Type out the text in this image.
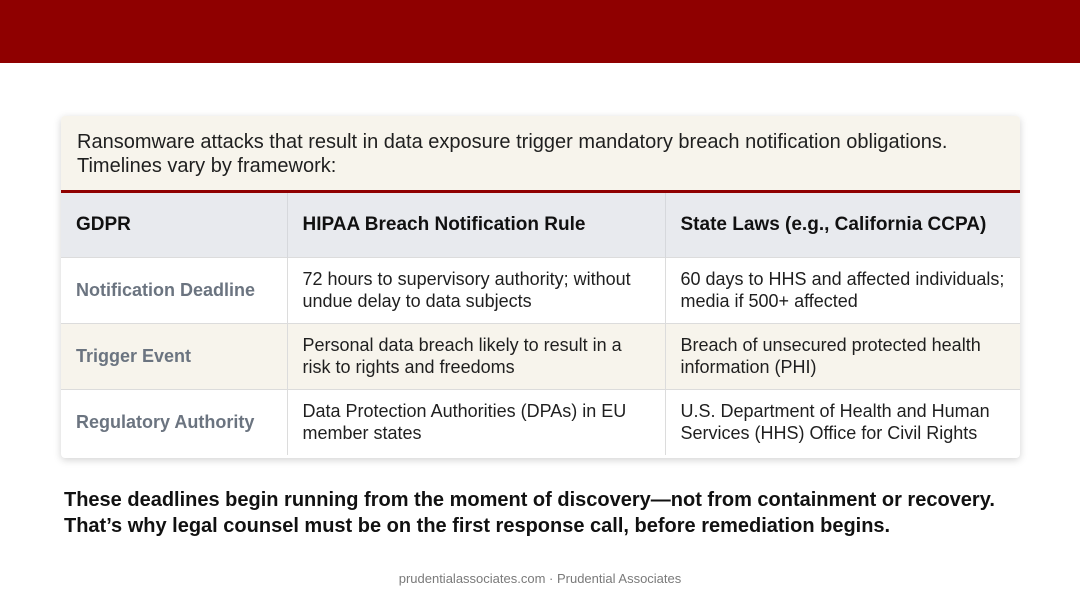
Ransomware attacks that result in data exposure trigger mandatory breach notification obligations. Timelines vary by framework:
GDPR	HIPAA Breach Notification Rule	State Laws (e.g., California CCPA)
Notification Deadline	72 hours to supervisory authority; without undue delay to data subjects	60 days to HHS and affected individuals; media if 500+ affected
Trigger Event	Personal data breach likely to result in a risk to rights and freedoms	Breach of unsecured protected health information (PHI)
Regulatory Authority	Data Protection Authorities (DPAs) in EU member states	U.S. Department of Health and Human Services (HHS) Office for Civil Rights
These deadlines begin running from the moment of discovery—not from containment or recovery. That’s why legal counsel must be on the first response call, before remediation begins.
prudentialassociates.com · Prudential Associates
